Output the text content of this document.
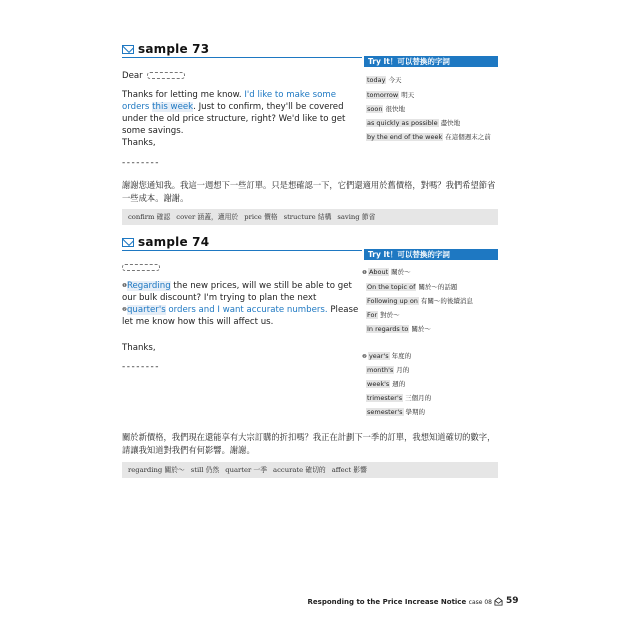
sample 73
Try It！可以替換的字詞
today 今天
tomorrow 明天
soon 很快地
as quickly as possible 盡快地
by the end of the week 在這個週末之前
Dear
Thanks for letting me know. I'd like to make some orders this week. Just to confirm, they'll be covered under the old price structure, right? We'd like to get some savings.
Thanks,
--------
謝謝您通知我。我這一週想下一些訂單。只是想確認一下，它們還適用於舊價格，對嗎？我們希望節省一些成本。謝謝。
confirm 確認 cover 涵蓋，適用於 price 價格 structure 結構 saving 節省
sample 74
Try It！可以替換的字詞
❶ About 關於～
On the topic of 關於～的話題
Following up on 有關～的後續消息
For 對於～
In regards to 關於～
❷ year's 年度的
month's 月的
week's 週的
trimester's 三個月的
semester's 學期的
$^❶$Regarding the new prices, will we still be able to get our bulk discount? I'm trying to plan the next $^❷$quarter's orders and I want accurate numbers. Please let me know how this will affect us.
Thanks,
--------
關於新價格，我們現在還能享有大宗訂購的折扣嗎？我正在計劃下一季的訂單，我想知道確切的數字，請讓我知道對我們有何影響。謝謝。
regarding 關於～ still 仍然 quarter 一季 accurate 確切的 affect 影響
Responding to the Price Increase Notice case 08 59
